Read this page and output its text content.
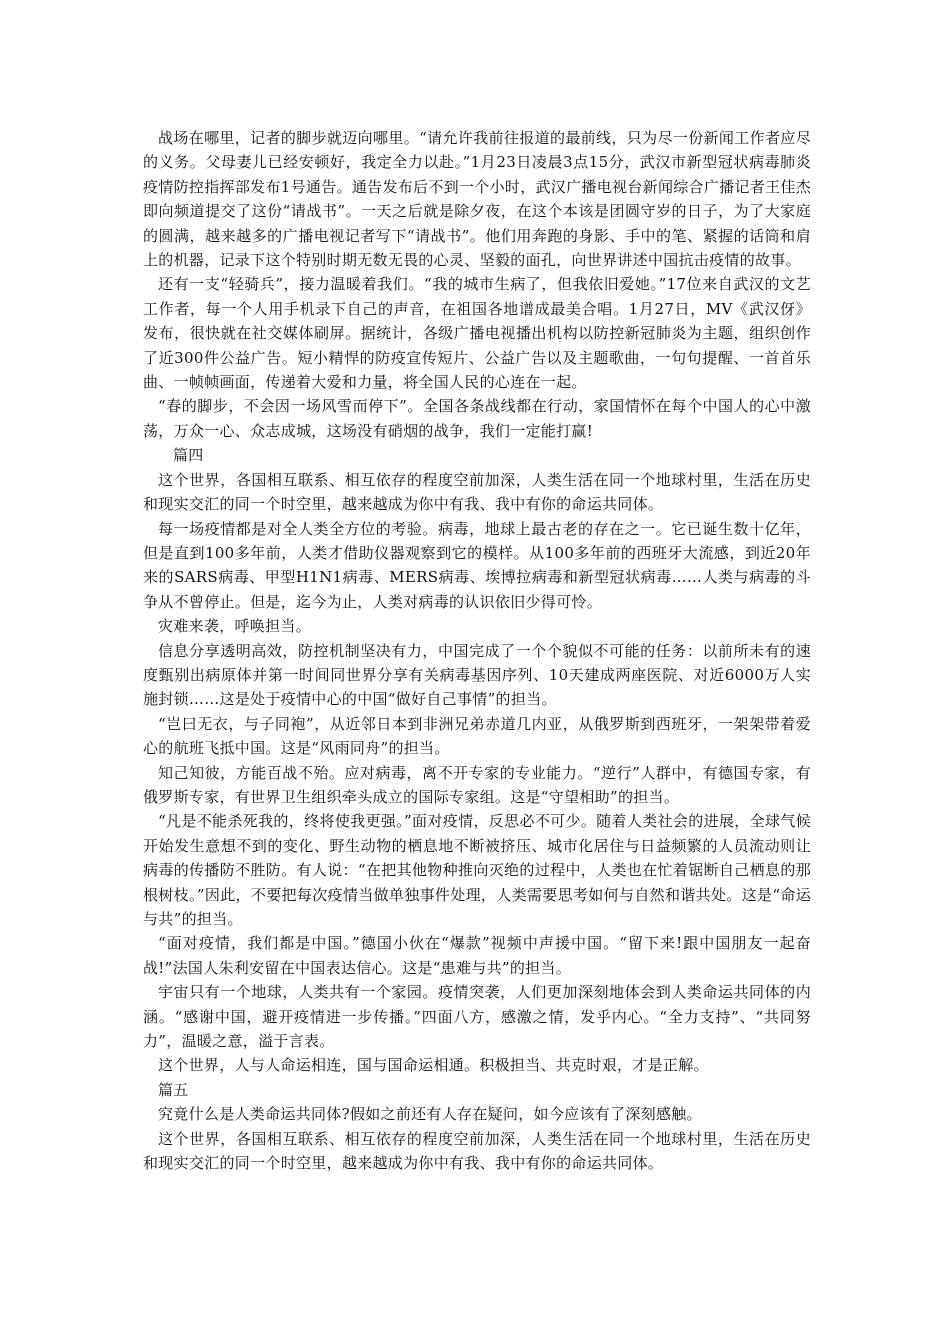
战场在哪里，记者的脚步就迈向哪里。“请允许我前往报道的最前线，只为尽一份新闻工作者应尽的义务。父母妻儿已经安顿好，我定全力以赴。”1月23日凌晨3点15分，武汉市新型冠状病毒肺炎疫情防控指挥部发布1号通告。通告发布后不到一个小时，武汉广播电视台新闻综合广播记者王佳杰即向频道提交了这份“请战书”。一天之后就是除夕夜，在这个本该是团圆守岁的日子，为了大家庭的圆满，越来越多的广播电视记者写下“请战书”。他们用奔跑的身影、手中的笔、紧握的话筒和肩上的机器，记录下这个特别时期无数无畏的心灵、坚毅的面孔，向世界讲述中国抗击疫情的故事。

还有一支“轻骑兵”，接力温暖着我们。“我的城市生病了，但我依旧爱她。”17位来自武汉的文艺工作者，每一个人用手机录下自己的声音，在祖国各地谱成最美合唱。1月27日，MV《武汉伢》发布，很快就在社交媒体刷屏。据统计，各级广播电视播出机构以防控新冠肺炎为主题，组织创作了近300件公益广告。短小精悍的防疫宣传短片、公益广告以及主题歌曲，一句句提醒、一首首乐曲、一帧帧画面，传递着大爱和力量，将全国人民的心连在一起。

“春的脚步，不会因一场风雪而停下”。全国各条战线都在行动，家国情怀在每个中国人的心中激荡，万众一心、众志成城，这场没有硝烟的战争，我们一定能打赢!

篇四

这个世界，各国相互联系、相互依存的程度空前加深，人类生活在同一个地球村里，生活在历史和现实交汇的同一个时空里，越来越成为你中有我、我中有你的命运共同体。

每一场疫情都是对全人类全方位的考验。病毒，地球上最古老的存在之一。它已诞生数十亿年，但是直到100多年前，人类才借助仪器观察到它的模样。从100多年前的西班牙大流感，到近20年来的SARS病毒、甲型H1N1病毒、MERS病毒、埃博拉病毒和新型冠状病毒……人类与病毒的斗争从不曾停止。但是，迄今为止，人类对病毒的认识依旧少得可怜。

灾难来袭，呼唤担当。

信息分享透明高效，防控机制坚决有力，中国完成了一个个貌似不可能的任务：以前所未有的速度甄别出病原体并第一时间同世界分享有关病毒基因序列、10天建成两座医院、对近6000万人实施封锁……这是处于疫情中心的中国“做好自己事情”的担当。

“岂曰无衣，与子同袍”，从近邻日本到非洲兄弟赤道几内亚，从俄罗斯到西班牙，一架架带着爱心的航班飞抵中国。这是“风雨同舟”的担当。

知己知彼，方能百战不殆。应对病毒，离不开专家的专业能力。“逆行”人群中，有德国专家，有俄罗斯专家，有世界卫生组织牵头成立的国际专家组。这是“守望相助”的担当。

“凡是不能杀死我的，终将使我更强。”面对疫情，反思必不可少。随着人类社会的进展，全球气候开始发生意想不到的变化、野生动物的栖息地不断被挤压、城市化居住与日益频繁的人员流动则让病毒的传播防不胜防。有人说：“在把其他物种推向灭绝的过程中，人类也在忙着锯断自己栖息的那根树枝。”因此，不要把每次疫情当做单独事件处理，人类需要思考如何与自然和谐共处。这是“命运与共”的担当。

“面对疫情，我们都是中国。”德国小伙在“爆款”视频中声援中国。“留下来!跟中国朋友一起奋战!”法国人朱利安留在中国表达信心。这是“患难与共”的担当。

宇宙只有一个地球，人类共有一个家园。疫情突袭，人们更加深刻地体会到人类命运共同体的内涵。“感谢中国，避开疫情进一步传播。”四面八方，感激之情，发乎内心。“全力支持”、“共同努力”，温暖之意，溢于言表。

这个世界，人与人命运相连，国与国命运相通。积极担当、共克时艰，才是正解。

篇五

究竟什么是人类命运共同体?假如之前还有人存在疑问，如今应该有了深刻感触。

这个世界，各国相互联系、相互依存的程度空前加深，人类生活在同一个地球村里，生活在历史和现实交汇的同一个时空里，越来越成为你中有我、我中有你的命运共同体。
